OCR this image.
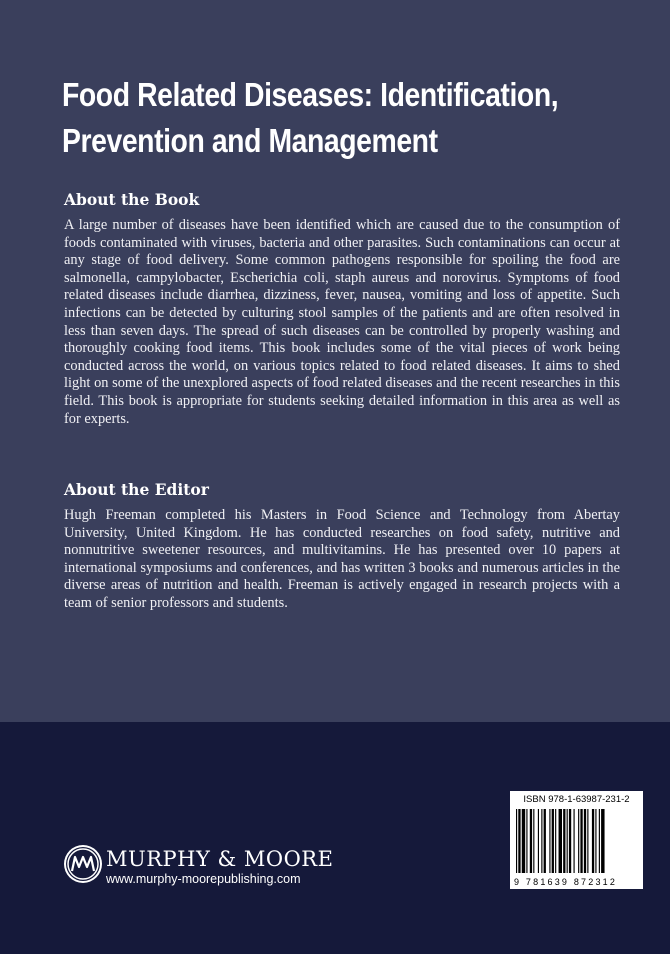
Food Related Diseases: Identification,
Prevention and Management
About the Book

A large number of diseases have been identified which are caused due to the consumption of foods contaminated with viruses, bacteria and other parasites. Such contaminations can occur at any stage of food delivery. Some common pathogens responsible for spoiling the food are salmonella, campylobacter, Escherichia coli, staph aureus and norovirus. Symptoms of food related diseases include diarrhea, dizziness, fever, nausea, vomiting and loss of appetite. Such infections can be detected by culturing stool samples of the patients and are often resolved in less than seven days. The spread of such diseases can be controlled by properly washing and thoroughly cooking food items. This book includes some of the vital pieces of work being conducted across the world, on various topics related to food related diseases. It aims to shed light on some of the unexplored aspects of food related diseases and the recent researches in this field. This book is appropriate for students seeking detailed information in this area as well as for experts.

About the Editor

Hugh Freeman completed his Masters in Food Science and Technology from Abertay University, United Kingdom. He has conducted researches on food safety, nutritive and nonnutritive sweetener resources, and multivitamins. He has presented over 10 papers at international symposiums and conferences, and has written 3 books and numerous articles in the diverse areas of nutrition and health. Freeman is actively engaged in research projects with a team of senior professors and students.

ISBN 978-1-63987-231-2
9 781639 872312
MURPHY & MOORE
www.murphy-moorepublishing.com
